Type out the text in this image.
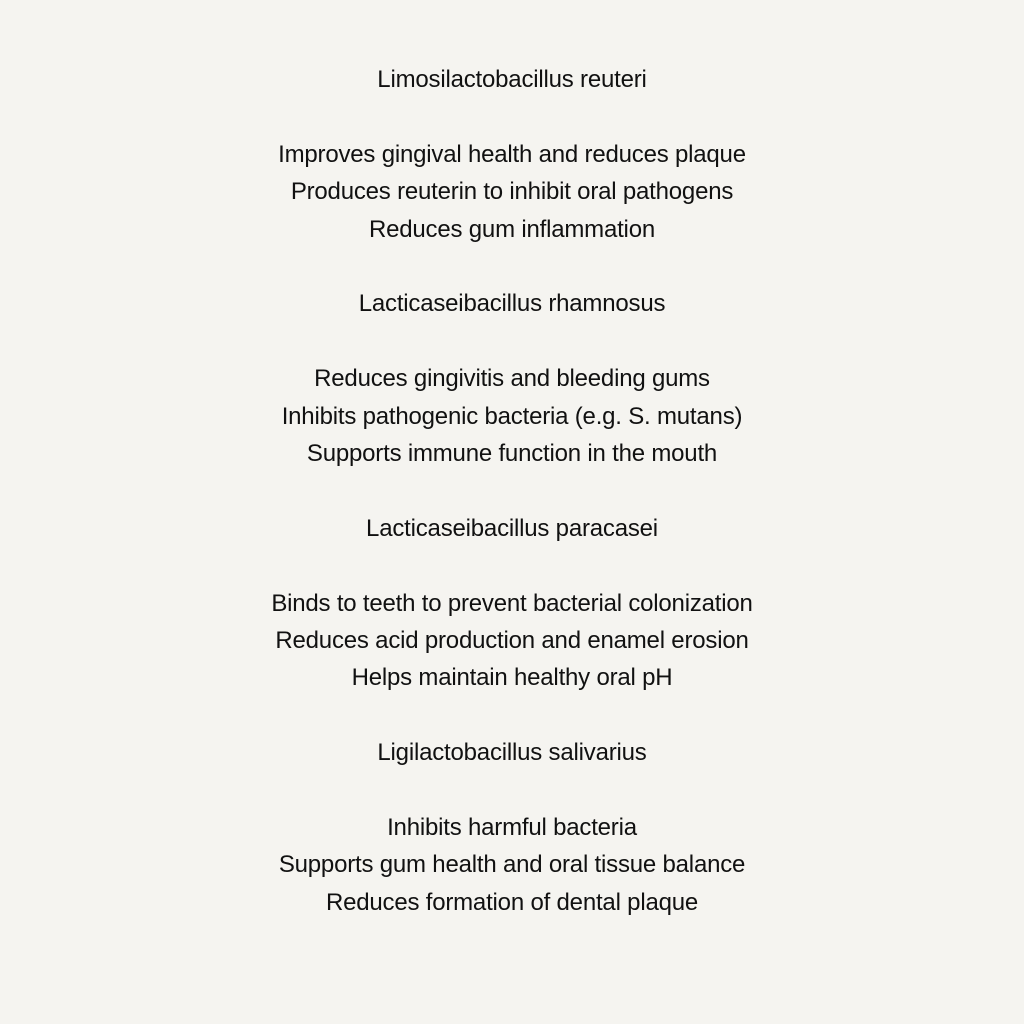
Limosilactobacillus reuteri
Improves gingival health and reduces plaque
Produces reuterin to inhibit oral pathogens
Reduces gum inflammation
Lacticaseibacillus rhamnosus
Reduces gingivitis and bleeding gums
Inhibits pathogenic bacteria (e.g. S. mutans)
Supports immune function in the mouth
Lacticaseibacillus paracasei
Binds to teeth to prevent bacterial colonization
Reduces acid production and enamel erosion
Helps maintain healthy oral pH
Ligilactobacillus salivarius
Inhibits harmful bacteria
Supports gum health and oral tissue balance
Reduces formation of dental plaque
